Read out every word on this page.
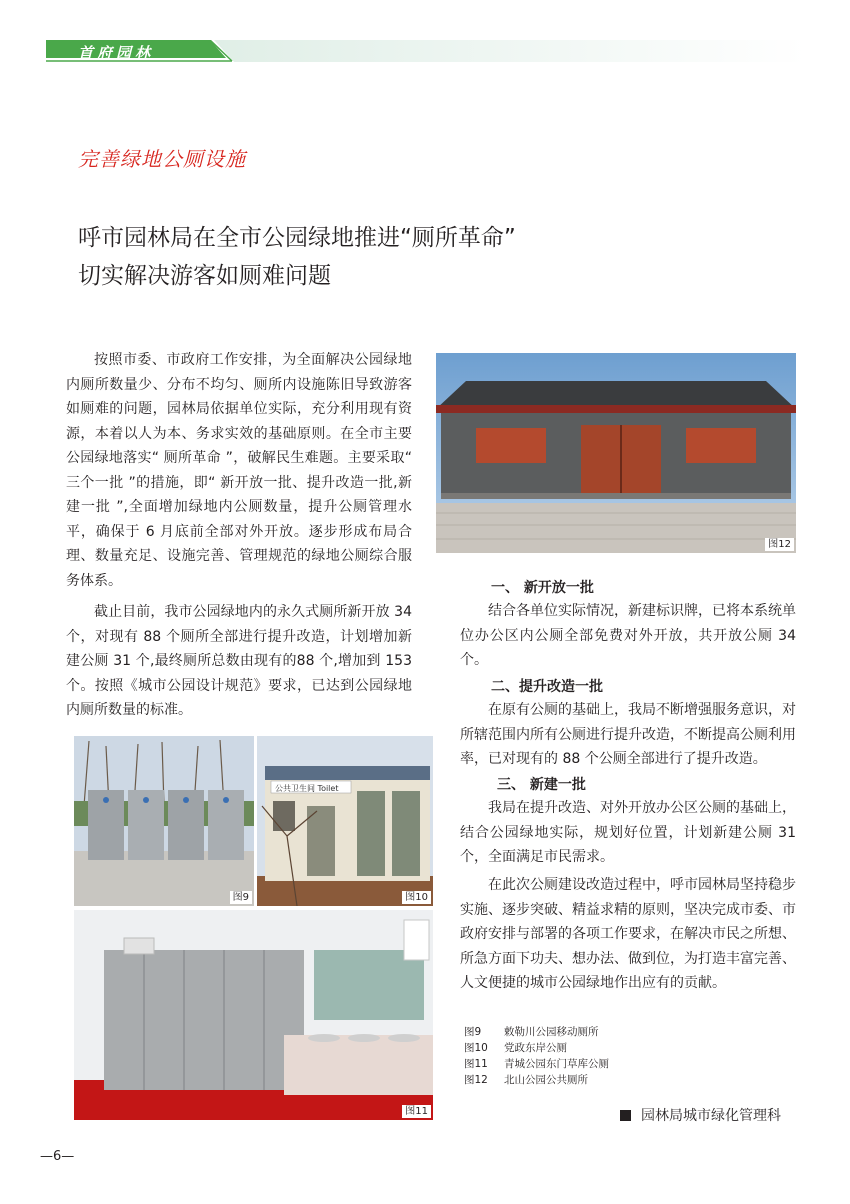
首府园林
完善绿地公厕设施
呼市园林局在全市公园绿地推进“厕所革命”
切实解决游客如厕难问题

按照市委、市政府工作安排，为全面解决公园绿地内厕所数量少、分布不均匀、厕所内设施陈旧导致游客如厕难的问题，园林局依据单位实际，充分利用现有资源，本着以人为本、务求实效的基础原则。在全市主要公园绿地落实“ 厕所革命 ”，破解民生难题。主要采取“ 三个一批 ”的措施，即“ 新开放一批、提升改造一批,新建一批 ”,全面增加绿地内公厕数量，提升公厕管理水平，确保于 6 月底前全部对外开放。逐步形成布局合理、数量充足、设施完善、管理规范的绿地公厕综合服务体系。

截止目前，我市公园绿地内的永久式厕所新开放 34 个，对现有 88 个厕所全部进行提升改造，计划增加新建公厕 31 个,最终厕所总数由现有的88 个,增加到 153 个。按照《城市公园设计规范》要求，已达到公园绿地内厕所数量的标准。

图12
一、 新开放一批

结合各单位实际情况，新建标识牌，已将本系统单位办公区内公厕全部免费对外开放，共开放公厕 34 个。

二、提升改造一批

在原有公厕的基础上，我局不断增强服务意识，对所辖范围内所有公厕进行提升改造，不断提高公厕利用率，已对现有的 88 个公厕全部进行了提升改造。

三、 新建一批

我局在提升改造、对外开放办公区公厕的基础上，结合公园绿地实际，规划好位置，计划新建公厕 31 个，全面满足市民需求。

在此次公厕建设改造过程中，呼市园林局坚持稳步实施、逐步突破、精益求精的原则，坚决完成市委、市政府安排与部署的各项工作要求，在解决市民之所想、所急方面下功夫、想办法、做到位，为打造丰富完善、人文便捷的城市公园绿地作出应有的贡献。

图9
公共卫生间 Toilet
图10
图11
图9 敕勒川公园移动厕所
图10 党政东岸公厕
图11 青城公园东门草库公厕
图12 北山公园公共厕所
园林局城市绿化管理科
—6—
